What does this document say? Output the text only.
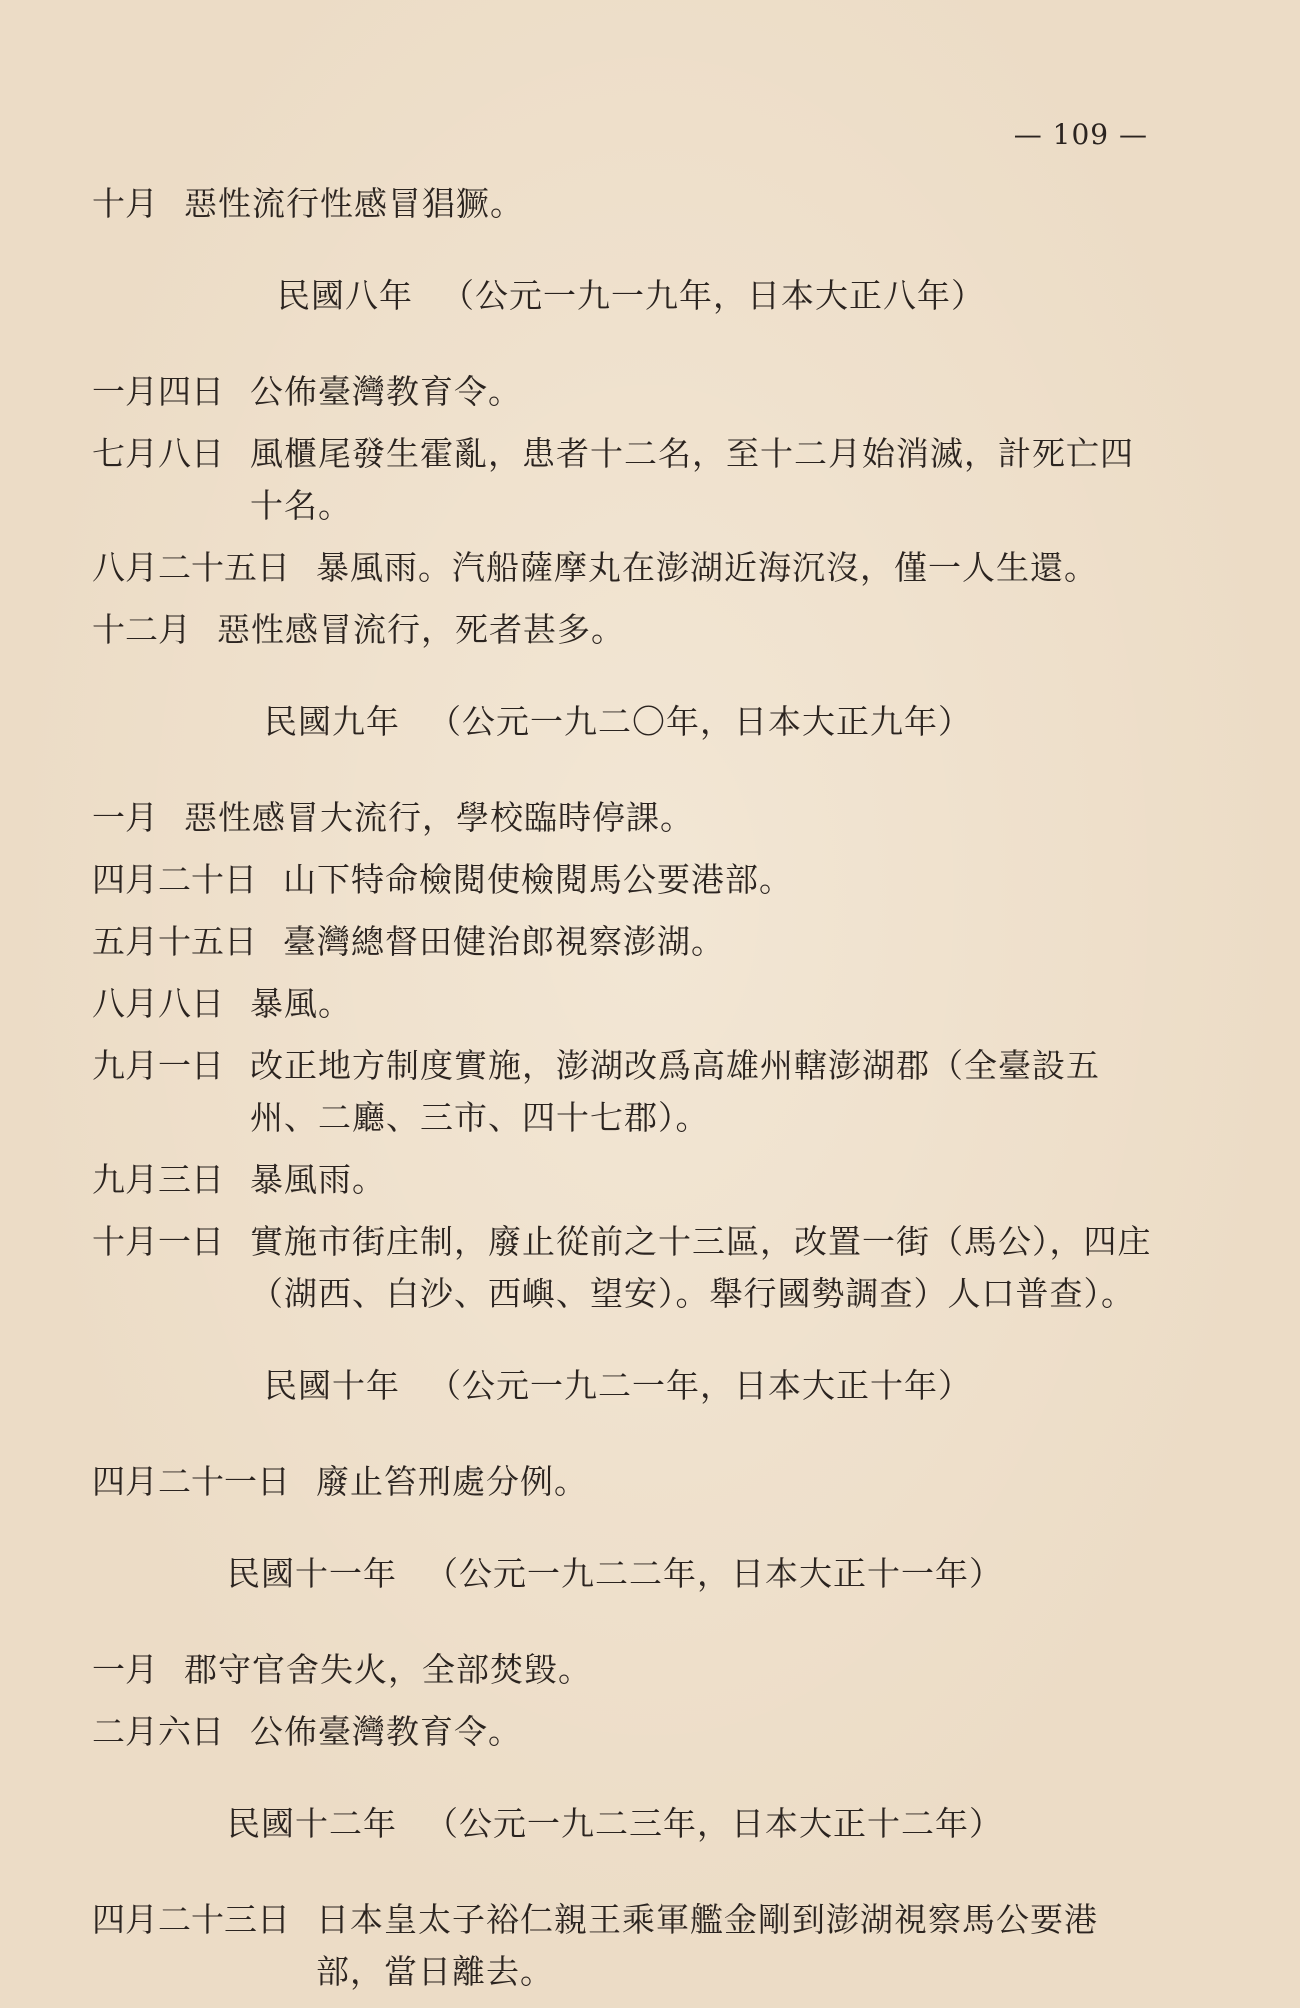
— 109 —
十月 惡性流行性感冒猖獗。
民國八年 （公元一九一九年，日本大正八年）
一月四日 公佈臺灣教育令。
七月八日 風櫃尾發生霍亂，患者十二名，至十二月始消滅，計死亡四十名。
八月二十五日 暴風雨。汽船薩摩丸在澎湖近海沉沒，僅一人生還。
十二月 惡性感冒流行，死者甚多。
民國九年 （公元一九二〇年，日本大正九年）
一月 惡性感冒大流行，學校臨時停課。
四月二十日 山下特命檢閱使檢閱馬公要港部。
五月十五日 臺灣總督田健治郎視察澎湖。
八月八日 暴風。
九月一日 改正地方制度實施，澎湖改爲高雄州轄澎湖郡（全臺設五州、二廳、三市、四十七郡）。
九月三日 暴風雨。
十月一日 實施市街庄制，廢止從前之十三區，改置一街（馬公），四庄（湖西、白沙、西嶼、望安）。舉行國勢調查）人口普查）。
民國十年 （公元一九二一年，日本大正十年）
四月二十一日 廢止笞刑處分例。
民國十一年 （公元一九二二年，日本大正十一年）
一月 郡守官舍失火，全部焚毀。
二月六日 公佈臺灣教育令。
民國十二年 （公元一九二三年，日本大正十二年）
四月二十三日 日本皇太子裕仁親王乘軍艦金剛到澎湖視察馬公要港部，當日離去。
